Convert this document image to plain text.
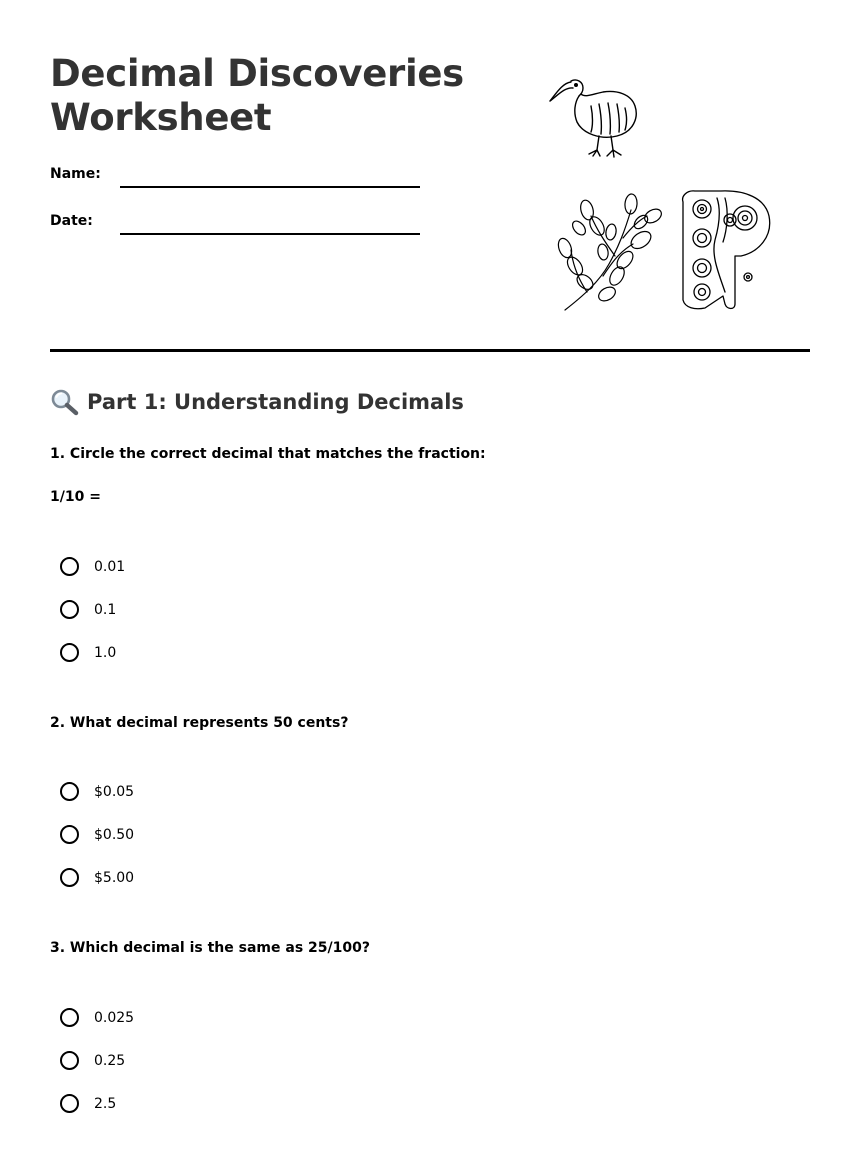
Decimal Discoveries
Worksheet
Name:
Date:
Part 1: Understanding Decimals
1. Circle the correct decimal that matches the fraction:
1/10 =
0.01
0.1
1.0
2. What decimal represents 50 cents?
$0.05
$0.50
$5.00
3. Which decimal is the same as 25/100?
0.025
0.25
2.5
